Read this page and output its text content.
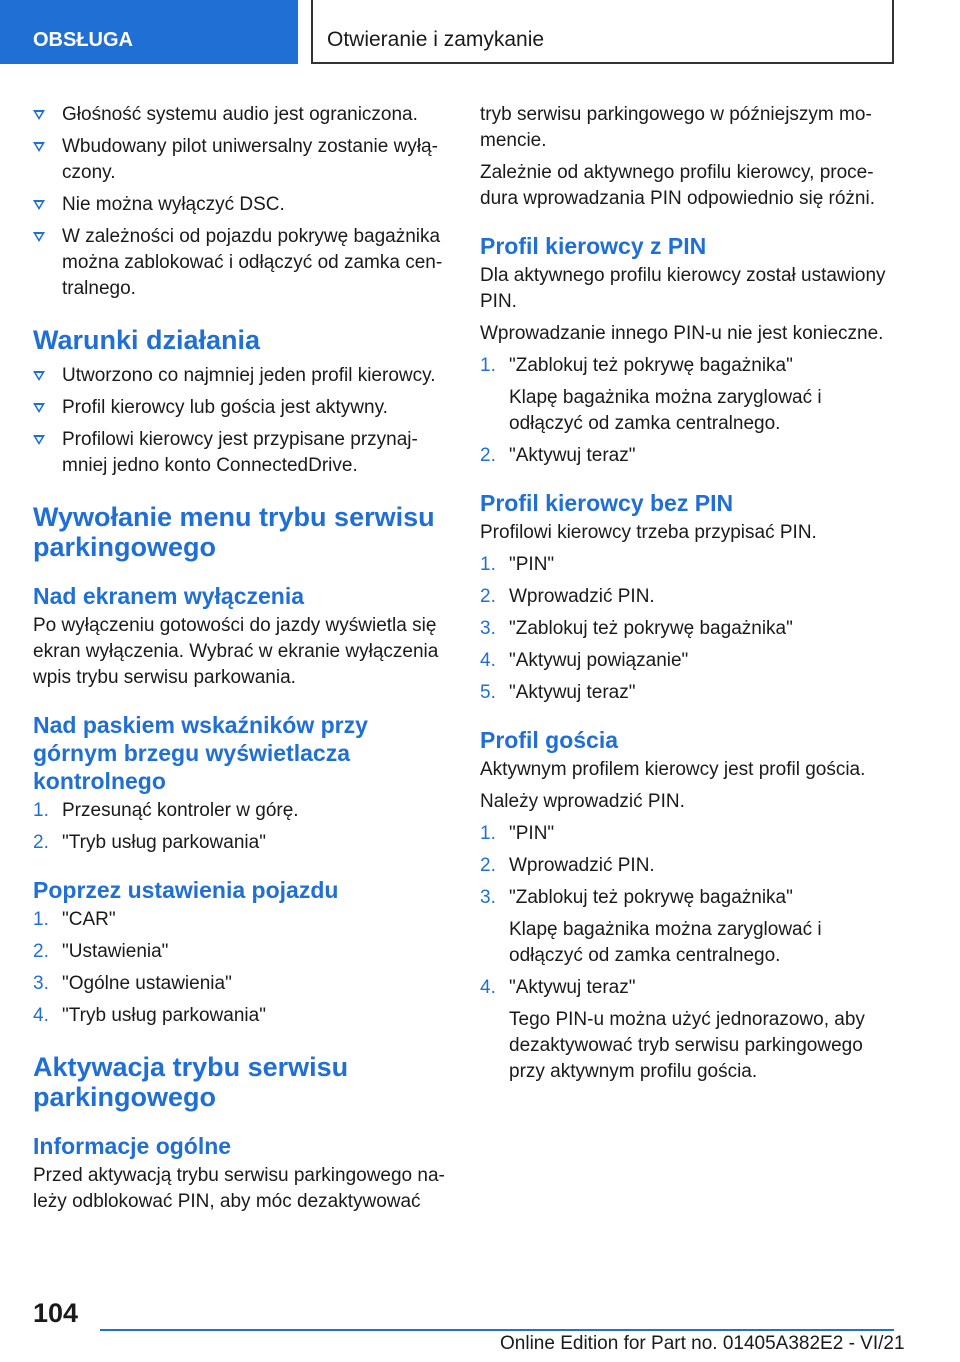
OBSŁUGA	Otwieranie i zamykanie
Głośność systemu audio jest ograniczona.
Wbudowany pilot uniwersalny zostanie wyłączony.
Nie można wyłączyć DSC.
W zależności od pojazdu pokrywę bagażnika można zablokować i odłączyć od zamka centralnego.
Warunki działania
Utworzono co najmniej jeden profil kierowcy.
Profil kierowcy lub gościa jest aktywny.
Profilowi kierowcy jest przypisane przynajmniej jedno konto ConnectedDrive.
Wywołanie menu trybu serwisu parkingowego
Nad ekranem wyłączenia
Po wyłączeniu gotowości do jazdy wyświetla się ekran wyłączenia. Wybrać w ekranie wyłączenia wpis trybu serwisu parkowania.
Nad paskiem wskaźników przy górnym brzegu wyświetlacza kontrolnego
1. Przesunąć kontroler w górę.
2. "Tryb usług parkowania"
Poprzez ustawienia pojazdu
1. "CAR"
2. "Ustawienia"
3. "Ogólne ustawienia"
4. "Tryb usług parkowania"
Aktywacja trybu serwisu parkingowego
Informacje ogólne
Przed aktywacją trybu serwisu parkingowego należy odblokować PIN, aby móc dezaktywować
tryb serwisu parkingowego w późniejszym momencie.
Zależnie od aktywnego profilu kierowcy, procedura wprowadzania PIN odpowiednio się różni.
Profil kierowcy z PIN
Dla aktywnego profilu kierowcy został ustawiony PIN.
Wprowadzanie innego PIN-u nie jest konieczne.
1. "Zablokuj też pokrywę bagażnika"
Klapę bagażnika można zaryglować i odłączyć od zamka centralnego.
2. "Aktywuj teraz"
Profil kierowcy bez PIN
Profilowi kierowcy trzeba przypisać PIN.
1. "PIN"
2. Wprowadzić PIN.
3. "Zablokuj też pokrywę bagażnika"
4. "Aktywuj powiązanie"
5. "Aktywuj teraz"
Profil gościa
Aktywnym profilem kierowcy jest profil gościa.
Należy wprowadzić PIN.
1. "PIN"
2. Wprowadzić PIN.
3. "Zablokuj też pokrywę bagażnika"
Klapę bagażnika można zaryglować i odłączyć od zamka centralnego.
4. "Aktywuj teraz"
Tego PIN-u można użyć jednorazowo, aby dezaktywować tryb serwisu parkingowego przy aktywnym profilu gościa.
104
Online Edition for Part no. 01405A382E2 - VI/21
